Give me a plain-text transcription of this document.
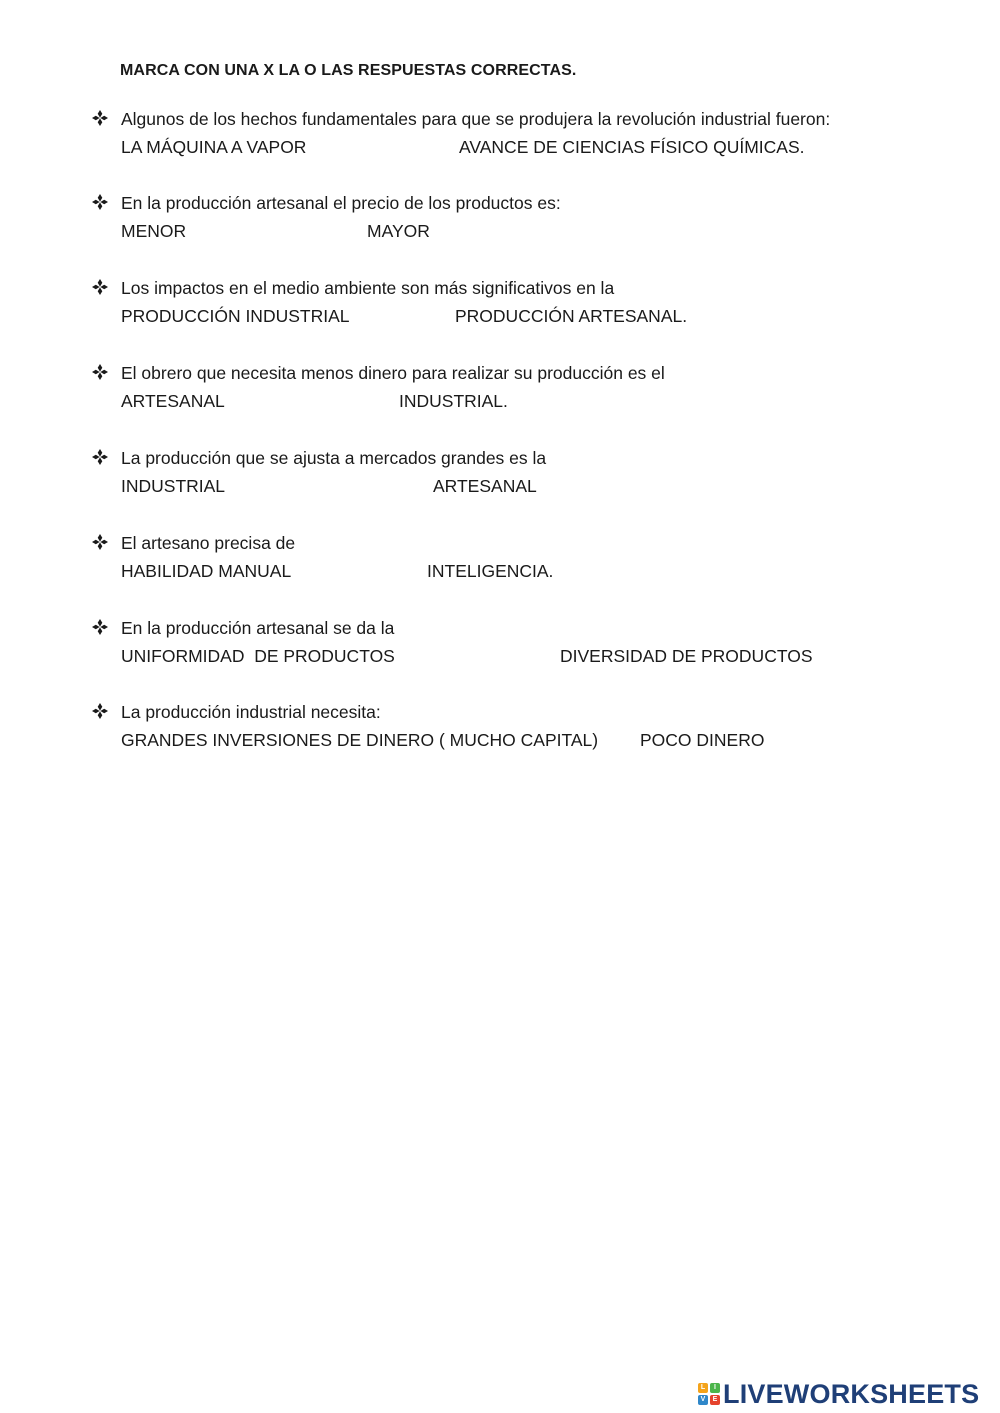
MARCA CON UNA X LA O LAS RESPUESTAS CORRECTAS.
Algunos de los hechos fundamentales para que se produjera la revolución industrial fueron:
LA MÁQUINA A VAPOR	AVANCE DE CIENCIAS FÍSICO QUÍMICAS.
En la producción artesanal el precio de los productos es:
MENOR	MAYOR
Los impactos en el medio ambiente son más significativos en la
PRODUCCIÓN INDUSTRIAL	PRODUCCIÓN ARTESANAL.
El obrero que necesita menos dinero para realizar su producción es el
ARTESANAL	INDUSTRIAL.
La producción que se ajusta a mercados grandes es la
INDUSTRIAL	ARTESANAL
El artesano precisa de
HABILIDAD MANUAL	INTELIGENCIA.
En la producción artesanal se da la
UNIFORMIDAD  DE PRODUCTOS	DIVERSIDAD DE PRODUCTOS
La producción industrial necesita:
GRANDES INVERSIONES DE DINERO ( MUCHO CAPITAL) POCO DINERO
L	I
V	E LIVEWORKSHEETS
